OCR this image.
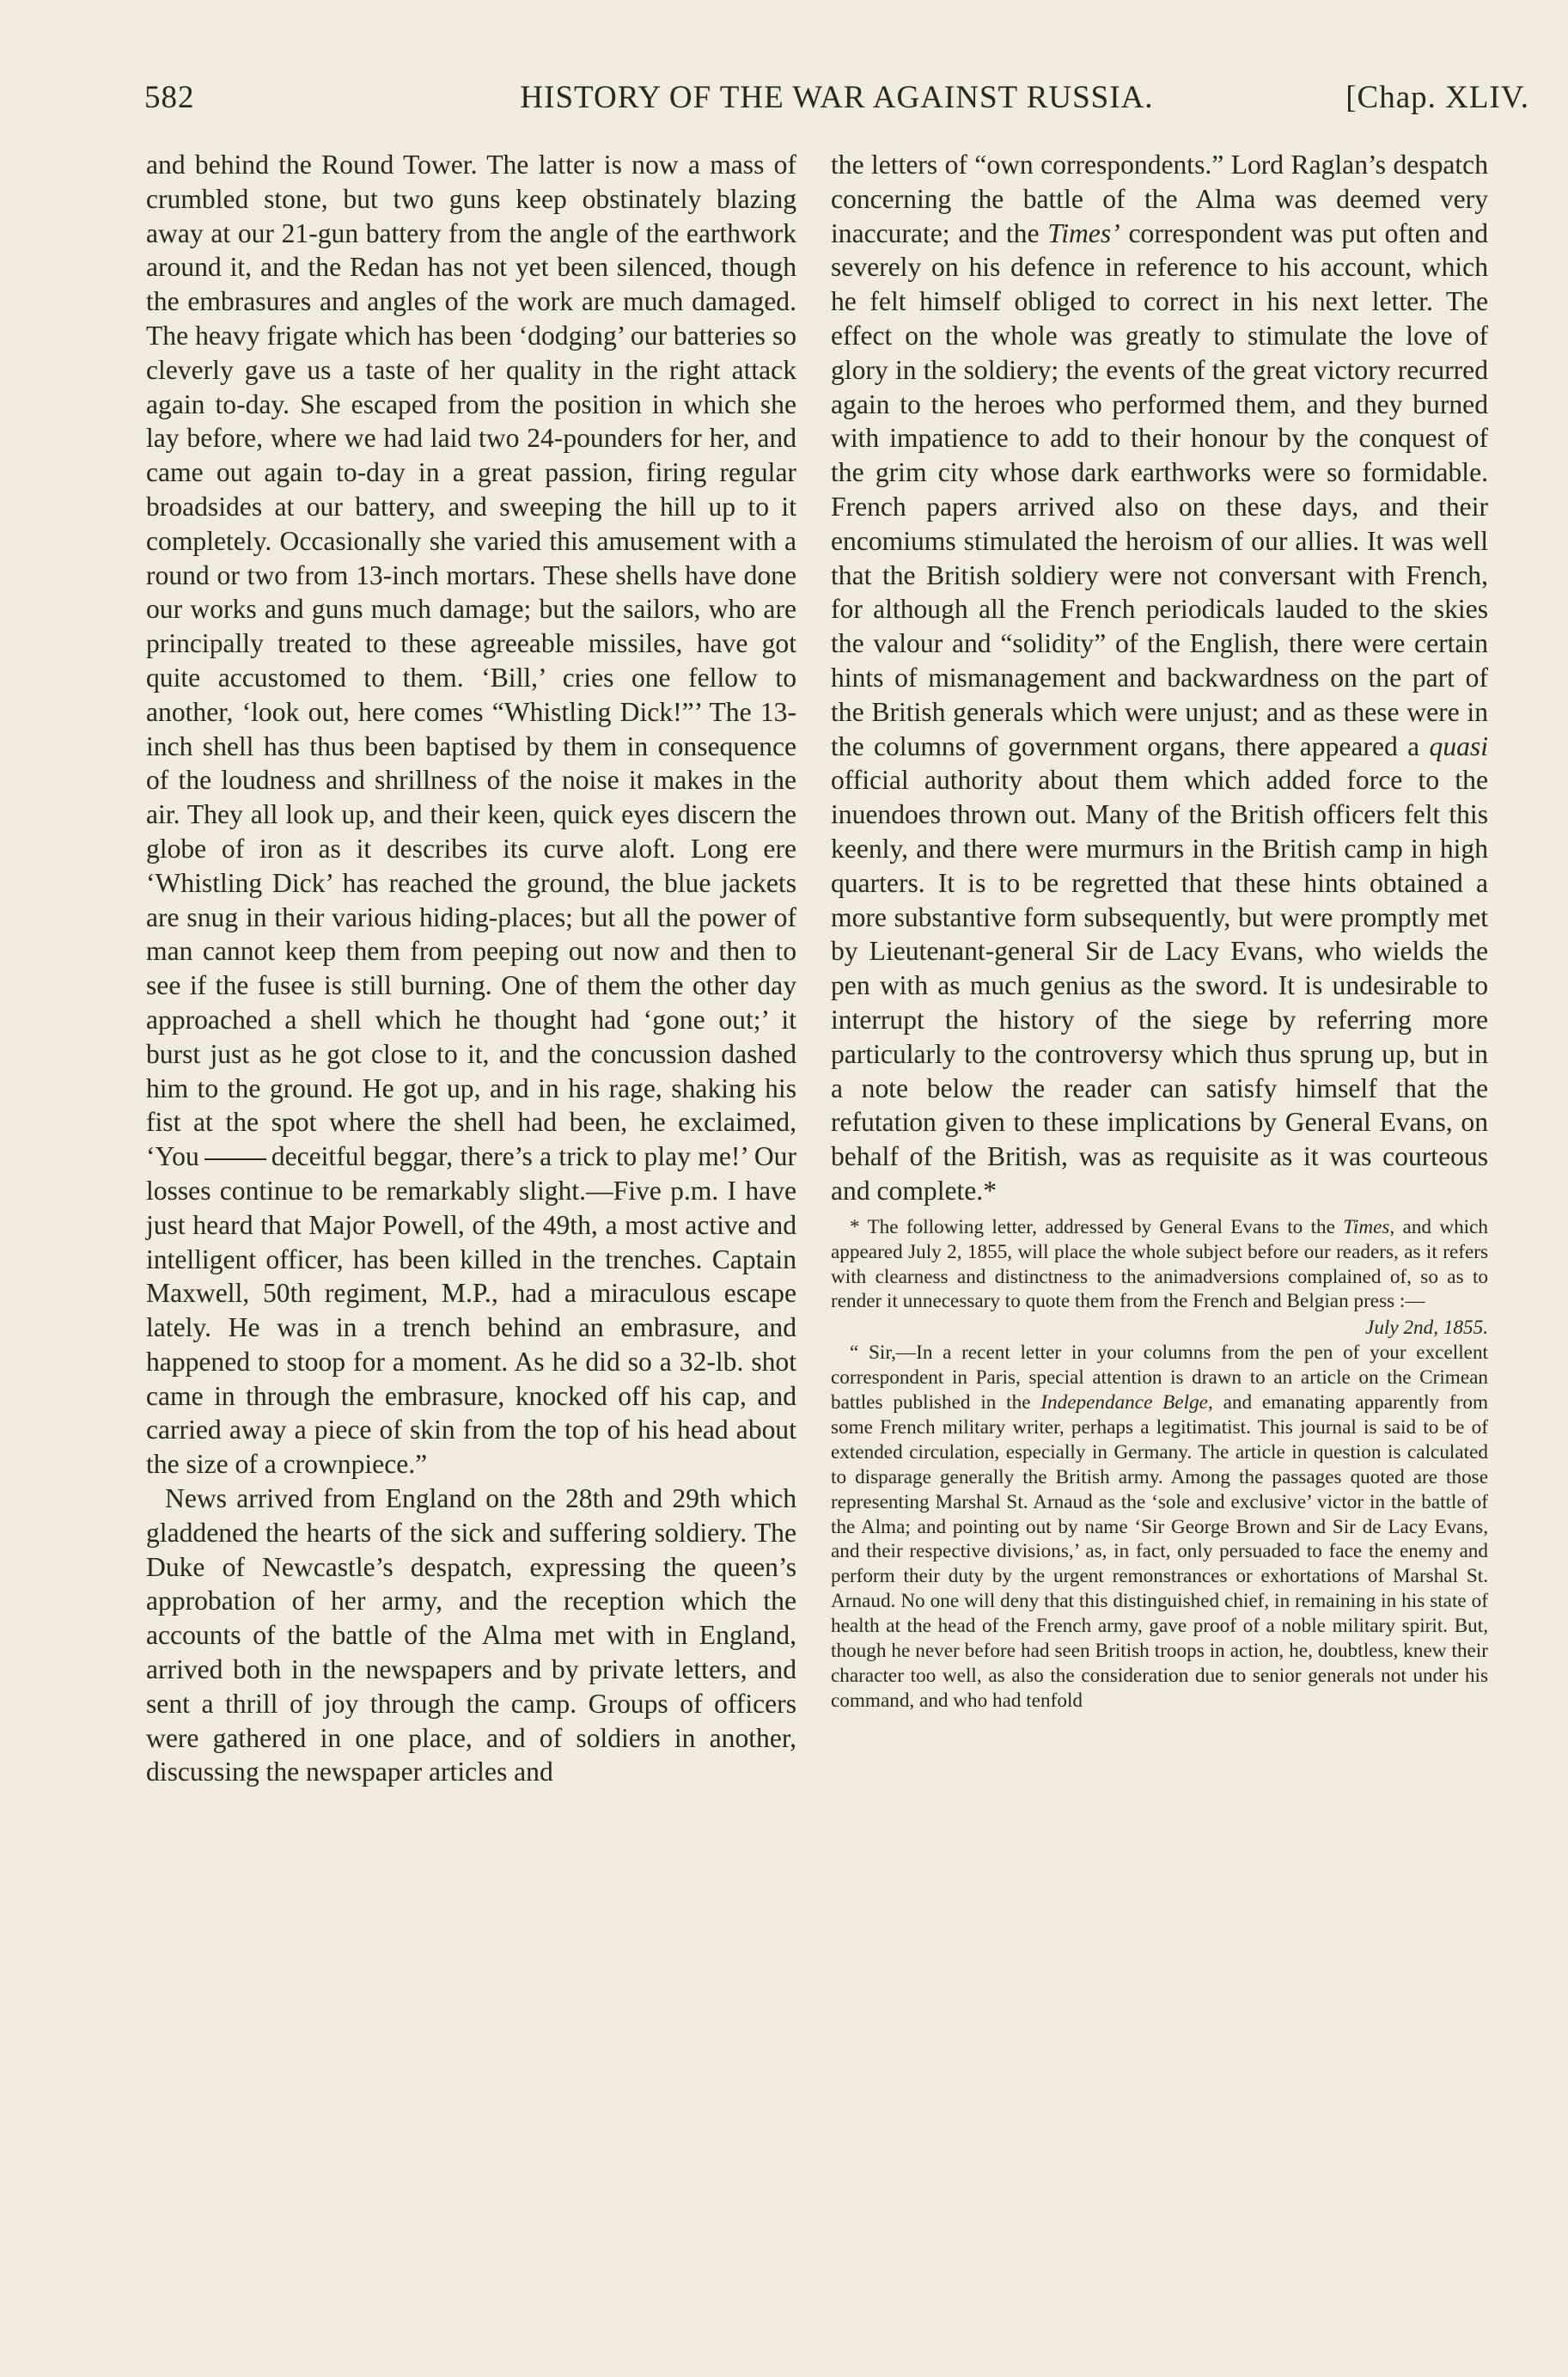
582	HISTORY OF THE WAR AGAINST RUSSIA.	[Chap. XLIV.

and behind the Round Tower. The latter is now a mass of crumbled stone, but two guns keep obstinately blazing away at our 21-gun battery from the angle of the earthwork around it, and the Redan has not yet been silenced, though the embrasures and angles of the work are much damaged. The heavy frigate which has been ‘dodging’ our batteries so cleverly gave us a taste of her quality in the right attack again to-day. She escaped from the position in which she lay before, where we had laid two 24-pounders for her, and came out again to-day in a great passion, firing regular broadsides at our battery, and sweeping the hill up to it completely. Occasionally she varied this amusement with a round or two from 13-inch mortars. These shells have done our works and guns much damage; but the sailors, who are principally treated to these agreeable missiles, have got quite accustomed to them. ‘Bill,’ cries one fellow to another, ‘look out, here comes “Whistling Dick!”’ The 13-inch shell has thus been baptised by them in consequence of the loudness and shrillness of the noise it makes in the air. They all look up, and their keen, quick eyes discern the globe of iron as it describes its curve aloft. Long ere ‘Whistling Dick’ has reached the ground, the blue jackets are snug in their various hiding-places; but all the power of man cannot keep them from peeping out now and then to see if the fusee is still burning. One of them the other day approached a shell which he thought had ‘gone out;’ it burst just as he got close to it, and the concussion dashed him to the ground. He got up, and in his rage, shaking his fist at the spot where the shell had been, he exclaimed, ‘You	deceitful beggar, there’s a trick to play me!’ Our losses continue to be remarkably slight.—Five p.m. I have just heard that Major Powell, of the 49th, a most active and intelligent officer, has been killed in the trenches. Captain Maxwell, 50th regiment, M.P., had a miraculous escape lately. He was in a trench behind an embrasure, and happened to stoop for a moment. As he did so a 32-lb. shot came in through the embrasure, knocked off his cap, and carried away a piece of skin from the top of his head about the size of a crownpiece.”

News arrived from England on the 28th and 29th which gladdened the hearts of the sick and suffering soldiery. The Duke of Newcastle’s despatch, expressing the queen’s approbation of her army, and the reception which the accounts of the battle of the Alma met with in England, arrived both in the newspapers and by private letters, and sent a thrill of joy through the camp. Groups of officers were gathered in one place, and of soldiers in another, discussing the newspaper articles and

the letters of “own correspondents.” Lord Raglan’s despatch concerning the battle of the Alma was deemed very inaccurate; and the Times’ correspondent was put often and severely on his defence in reference to his account, which he felt himself obliged to correct in his next letter. The effect on the whole was greatly to stimulate the love of glory in the soldiery; the events of the great victory recurred again to the heroes who performed them, and they burned with impatience to add to their honour by the conquest of the grim city whose dark earthworks were so formidable. French papers arrived also on these days, and their encomiums stimulated the heroism of our allies. It was well that the British soldiery were not conversant with French, for although all the French periodicals lauded to the skies the valour and “solidity” of the English, there were certain hints of mismanagement and backwardness on the part of the British generals which were unjust; and as these were in the columns of government organs, there appeared a quasi official authority about them which added force to the inuendoes thrown out. Many of the British officers felt this keenly, and there were murmurs in the British camp in high quarters. It is to be regretted that these hints obtained a more substantive form subsequently, but were promptly met by Lieutenant-general Sir de Lacy Evans, who wields the pen with as much genius as the sword. It is undesirable to interrupt the history of the siege by referring more particularly to the controversy which thus sprung up, but in a note below the reader can satisfy himself that the refutation given to these implications by General Evans, on behalf of the British, was as requisite as it was courteous and complete.*

* The following letter, addressed by General Evans to the Times, and which appeared July 2, 1855, will place the whole subject before our readers, as it refers with clearness and distinctness to the animadversions complained of, so as to render it unnecessary to quote them from the French and Belgian press :—

July 2nd, 1855.

“ Sir,—In a recent letter in your columns from the pen of your excellent correspondent in Paris, special attention is drawn to an article on the Crimean battles published in the Independance Belge, and emanating apparently from some French military writer, perhaps a legitimatist. This journal is said to be of extended circulation, especially in Germany. The article in question is calculated to disparage generally the British army. Among the passages quoted are those representing Marshal St. Arnaud as the ‘sole and exclusive’ victor in the battle of the Alma; and pointing out by name ‘Sir George Brown and Sir de Lacy Evans, and their respective divisions,’ as, in fact, only persuaded to face the enemy and perform their duty by the urgent remonstrances or exhortations of Marshal St. Arnaud. No one will deny that this distinguished chief, in remaining in his state of health at the head of the French army, gave proof of a noble military spirit. But, though he never before had seen British troops in action, he, doubtless, knew their character too well, as also the consideration due to senior generals not under his command, and who had tenfold
